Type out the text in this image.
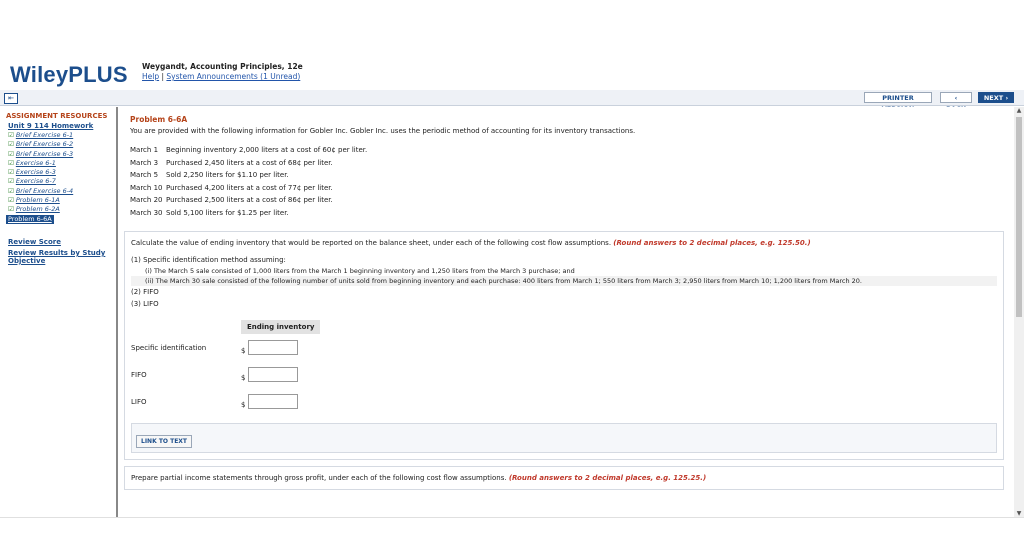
WileyPLUS Weygandt, Accounting Principles, 12e
Help | System Announcements (1 Unread)
⇤	PRINTER	‹	NEXT ›
ASSIGNMENT RESOURCES
Unit 9 114 Homework
☑ Brief Exercise 6-1
☑ Brief Exercise 6-2
☑ Brief Exercise 6-3
☑ Exercise 6-1
☑ Exercise 6-3
☑ Exercise 6-7
☑ Brief Exercise 6-4
☑ Problem 6-1A
☑ Problem 6-2A
Problem 6-6A
Review Score
Review Results by Study Objective
Problem 6-6A
You are provided with the following information for Gobler Inc. Gobler Inc. uses the periodic method of accounting for its inventory transactions.
March 1 Beginning inventory 2,000 liters at a cost of 60¢ per liter.
March 3 Purchased 2,450 liters at a cost of 68¢ per liter.
March 5 Sold 2,250 liters for $1.10 per liter.
March 10 Purchased 4,200 liters at a cost of 77¢ per liter.
March 20 Purchased 2,500 liters at a cost of 86¢ per liter.
March 30 Sold 5,100 liters for $1.25 per liter.
Calculate the value of ending inventory that would be reported on the balance sheet, under each of the following cost flow assumptions. (Round answers to 2 decimal places, e.g. 125.50.)
(1) Specific identification method assuming:
(i) The March 5 sale consisted of 1,000 liters from the March 1 beginning inventory and 1,250 liters from the March 3 purchase; and
(ii) The March 30 sale consisted of the following number of units sold from beginning inventory and each purchase: 400 liters from March 1; 550 liters from March 3; 2,950 liters from March 10; 1,200 liters from March 20.
(2) FIFO
(3) LIFO
	Ending inventory	
Specific identification	$	
FIFO	$	
LIFO	$	
LINK TO TEXT
Prepare partial income statements through gross profit, under each of the following cost flow assumptions. (Round answers to 2 decimal places, e.g. 125.25.)
▲
▼
